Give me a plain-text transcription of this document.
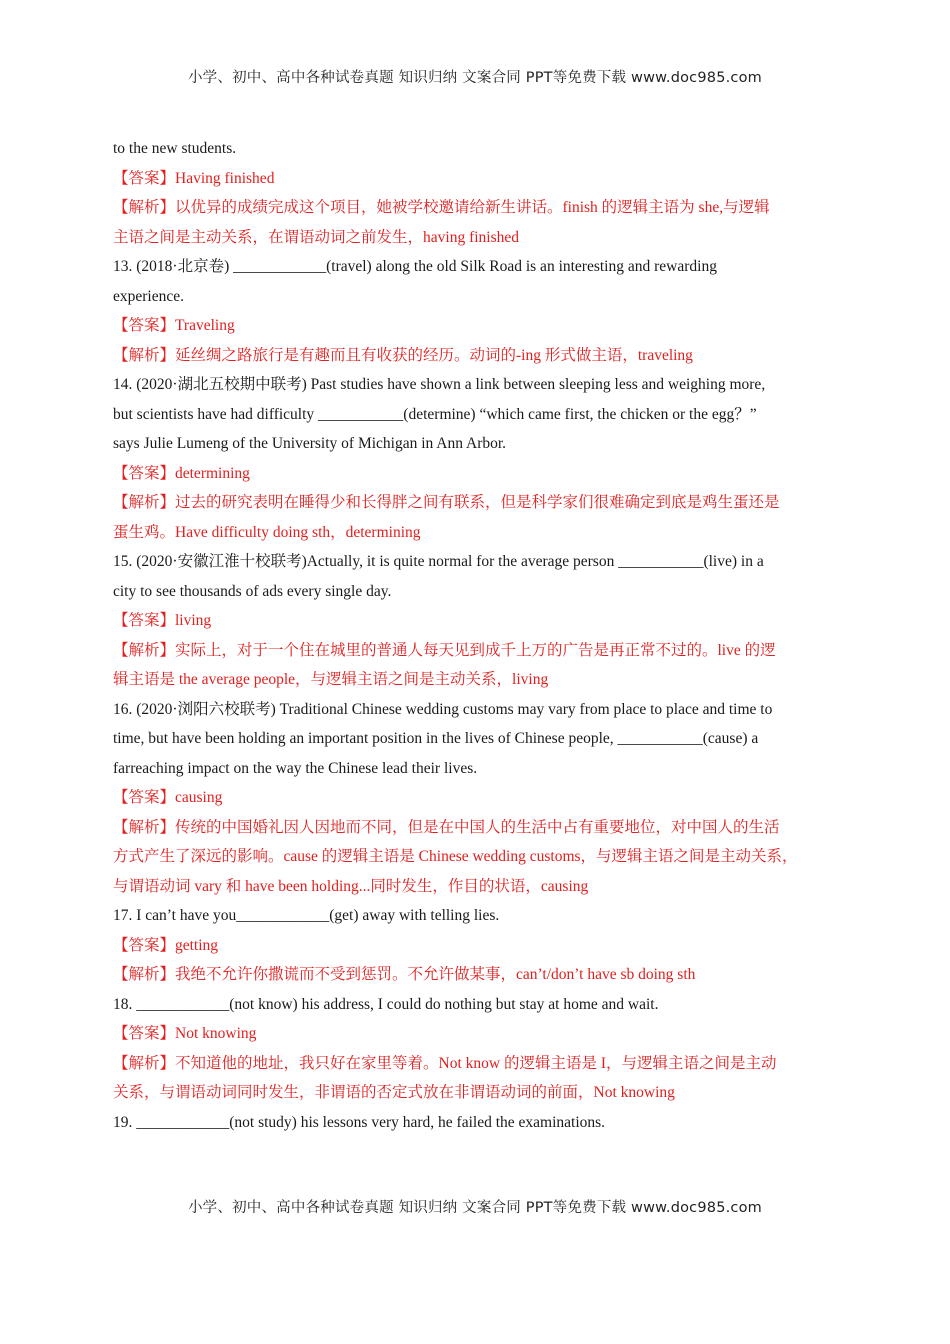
小学、初中、高中各种试卷真题 知识归纳 文案合同 PPT等免费下载 www.doc985.com
to the new students.
【答案】Having finished
【解析】以优异的成绩完成这个项目，她被学校邀请给新生讲话。finish 的逻辑主语为 she,与逻辑
主语之间是主动关系，在谓语动词之前发生，having finished
13. (2018·北京卷) ____________(travel) along the old Silk Road is an interesting and rewarding
experience.
【答案】Traveling
【解析】延丝绸之路旅行是有趣而且有收获的经历。动词的-ing 形式做主语，traveling
14. (2020·湖北五校期中联考) Past studies have shown a link between sleeping less and weighing more,
but scientists have had difficulty ___________(determine) “which came first, the chicken or the egg？”
says Julie Lumeng of the University of Michigan in Ann Arbor.
【答案】determining
【解析】过去的研究表明在睡得少和长得胖之间有联系，但是科学家们很难确定到底是鸡生蛋还是
蛋生鸡。Have difficulty doing sth，determining
15. (2020·安徽江淮十校联考)Actually, it is quite normal for the average person ___________(live) in a
city to see thousands of ads every single day.
【答案】living
【解析】实际上，对于一个住在城里的普通人每天见到成千上万的广告是再正常不过的。live 的逻
辑主语是 the average people，与逻辑主语之间是主动关系，living
16. (2020·浏阳六校联考) Traditional Chinese wedding customs may vary from place to place and time to
time, but have been holding an important position in the lives of Chinese people, ___________(cause) a
farreaching impact on the way the Chinese lead their lives.
【答案】causing
【解析】传统的中国婚礼因人因地而不同，但是在中国人的生活中占有重要地位，对中国人的生活
方式产生了深远的影响。cause 的逻辑主语是 Chinese wedding customs，与逻辑主语之间是主动关系，
与谓语动词 vary 和 have been holding...同时发生，作目的状语，causing
17. I can’t have you____________(get) away with telling lies.
【答案】getting
【解析】我绝不允许你撒谎而不受到惩罚。不允许做某事，can’t/don’t have sb doing sth
18. ____________(not know) his address, I could do nothing but stay at home and wait.
【答案】Not knowing
【解析】不知道他的地址，我只好在家里等着。Not know 的逻辑主语是 I，与逻辑主语之间是主动
关系，与谓语动词同时发生，非谓语的否定式放在非谓语动词的前面，Not knowing
19. ____________(not study) his lessons very hard, he failed the examinations.
小学、初中、高中各种试卷真题 知识归纳 文案合同 PPT等免费下载 www.doc985.com
